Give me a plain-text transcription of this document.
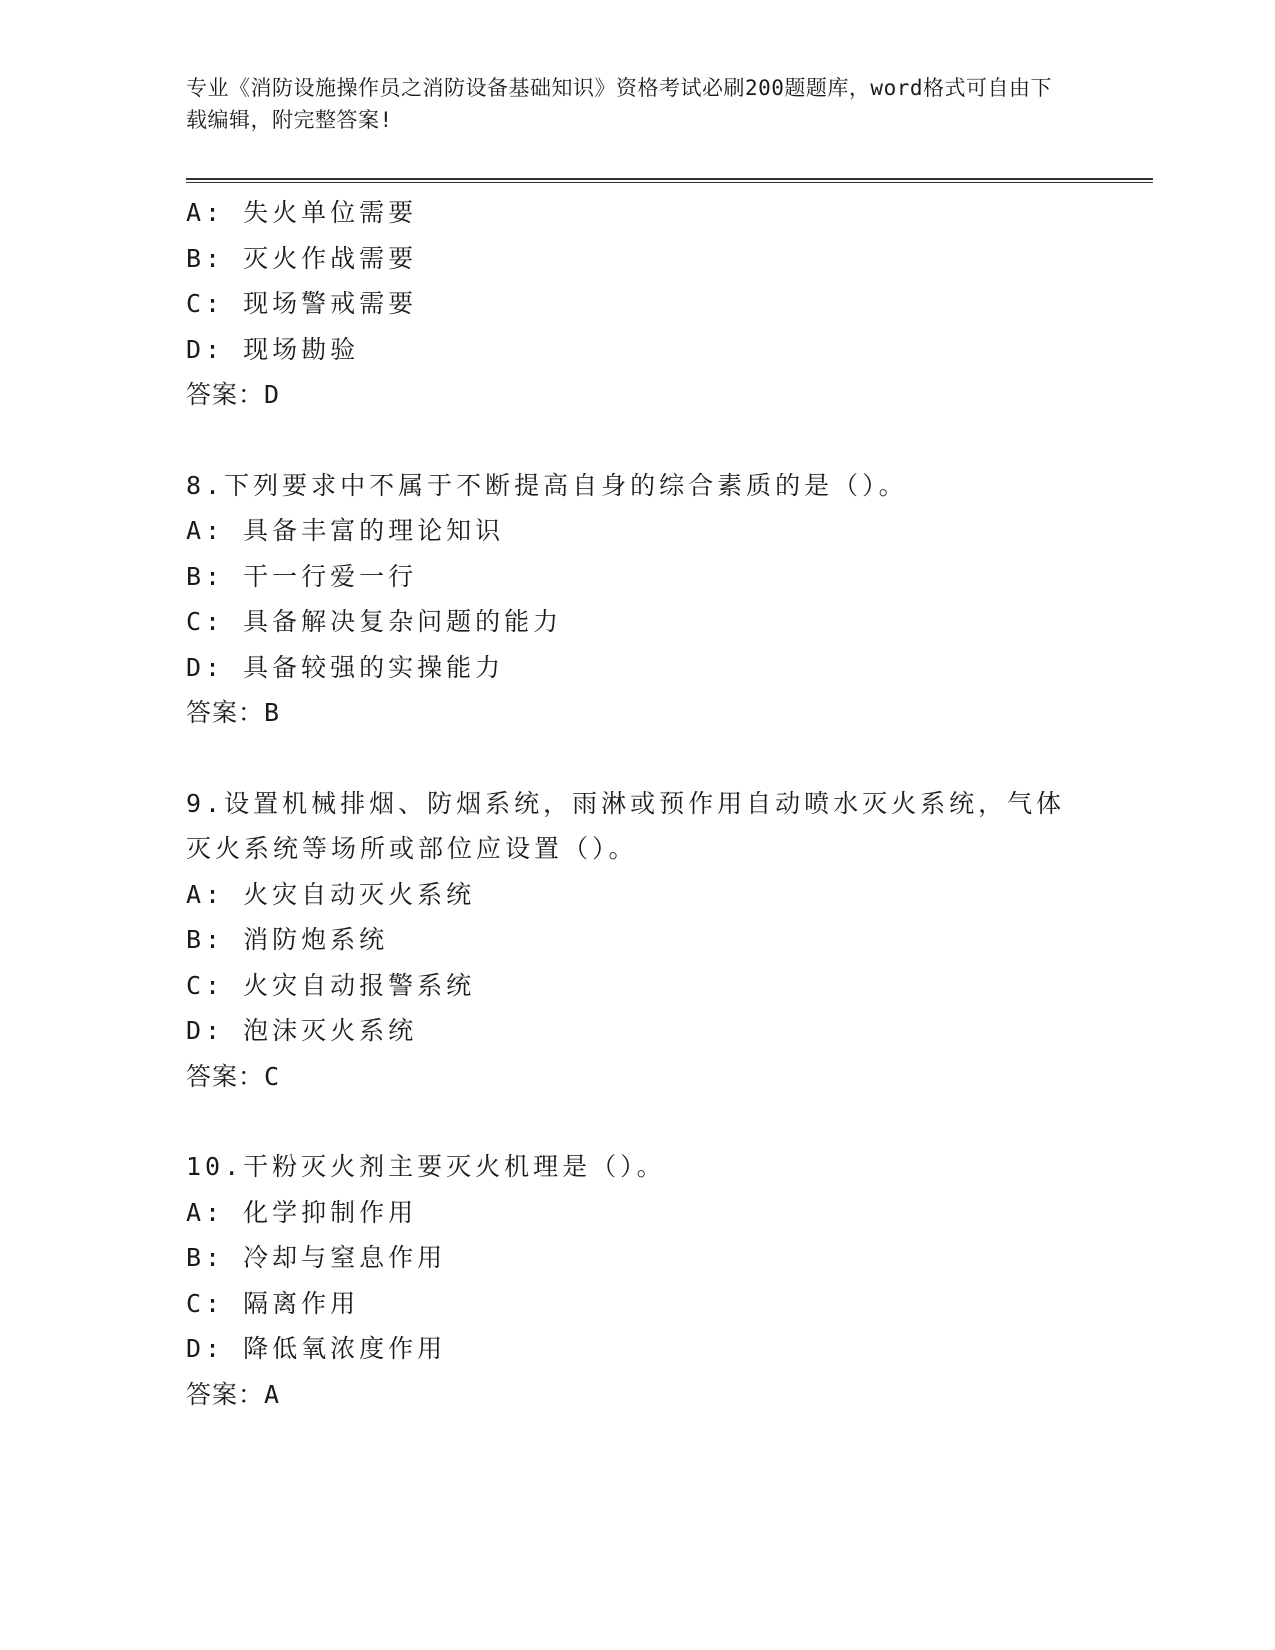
专业《消防设施操作员之消防设备基础知识》资格考试必刷200题题库，word格式可自由下载编辑，附完整答案!
A: 失火单位需要
B: 灭火作战需要
C: 现场警戒需要
D: 现场勘验
答案：D
8.下列要求中不属于不断提高自身的综合素质的是（）。
A: 具备丰富的理论知识
B: 干一行爱一行
C: 具备解决复杂问题的能力
D: 具备较强的实操能力
答案：B
9.设置机械排烟、防烟系统，雨淋或预作用自动喷水灭火系统，气体
灭火系统等场所或部位应设置（）。
A: 火灾自动灭火系统
B: 消防炮系统
C: 火灾自动报警系统
D: 泡沫灭火系统
答案：C
10.干粉灭火剂主要灭火机理是（）。
A: 化学抑制作用
B: 冷却与窒息作用
C: 隔离作用
D: 降低氧浓度作用
答案：A
